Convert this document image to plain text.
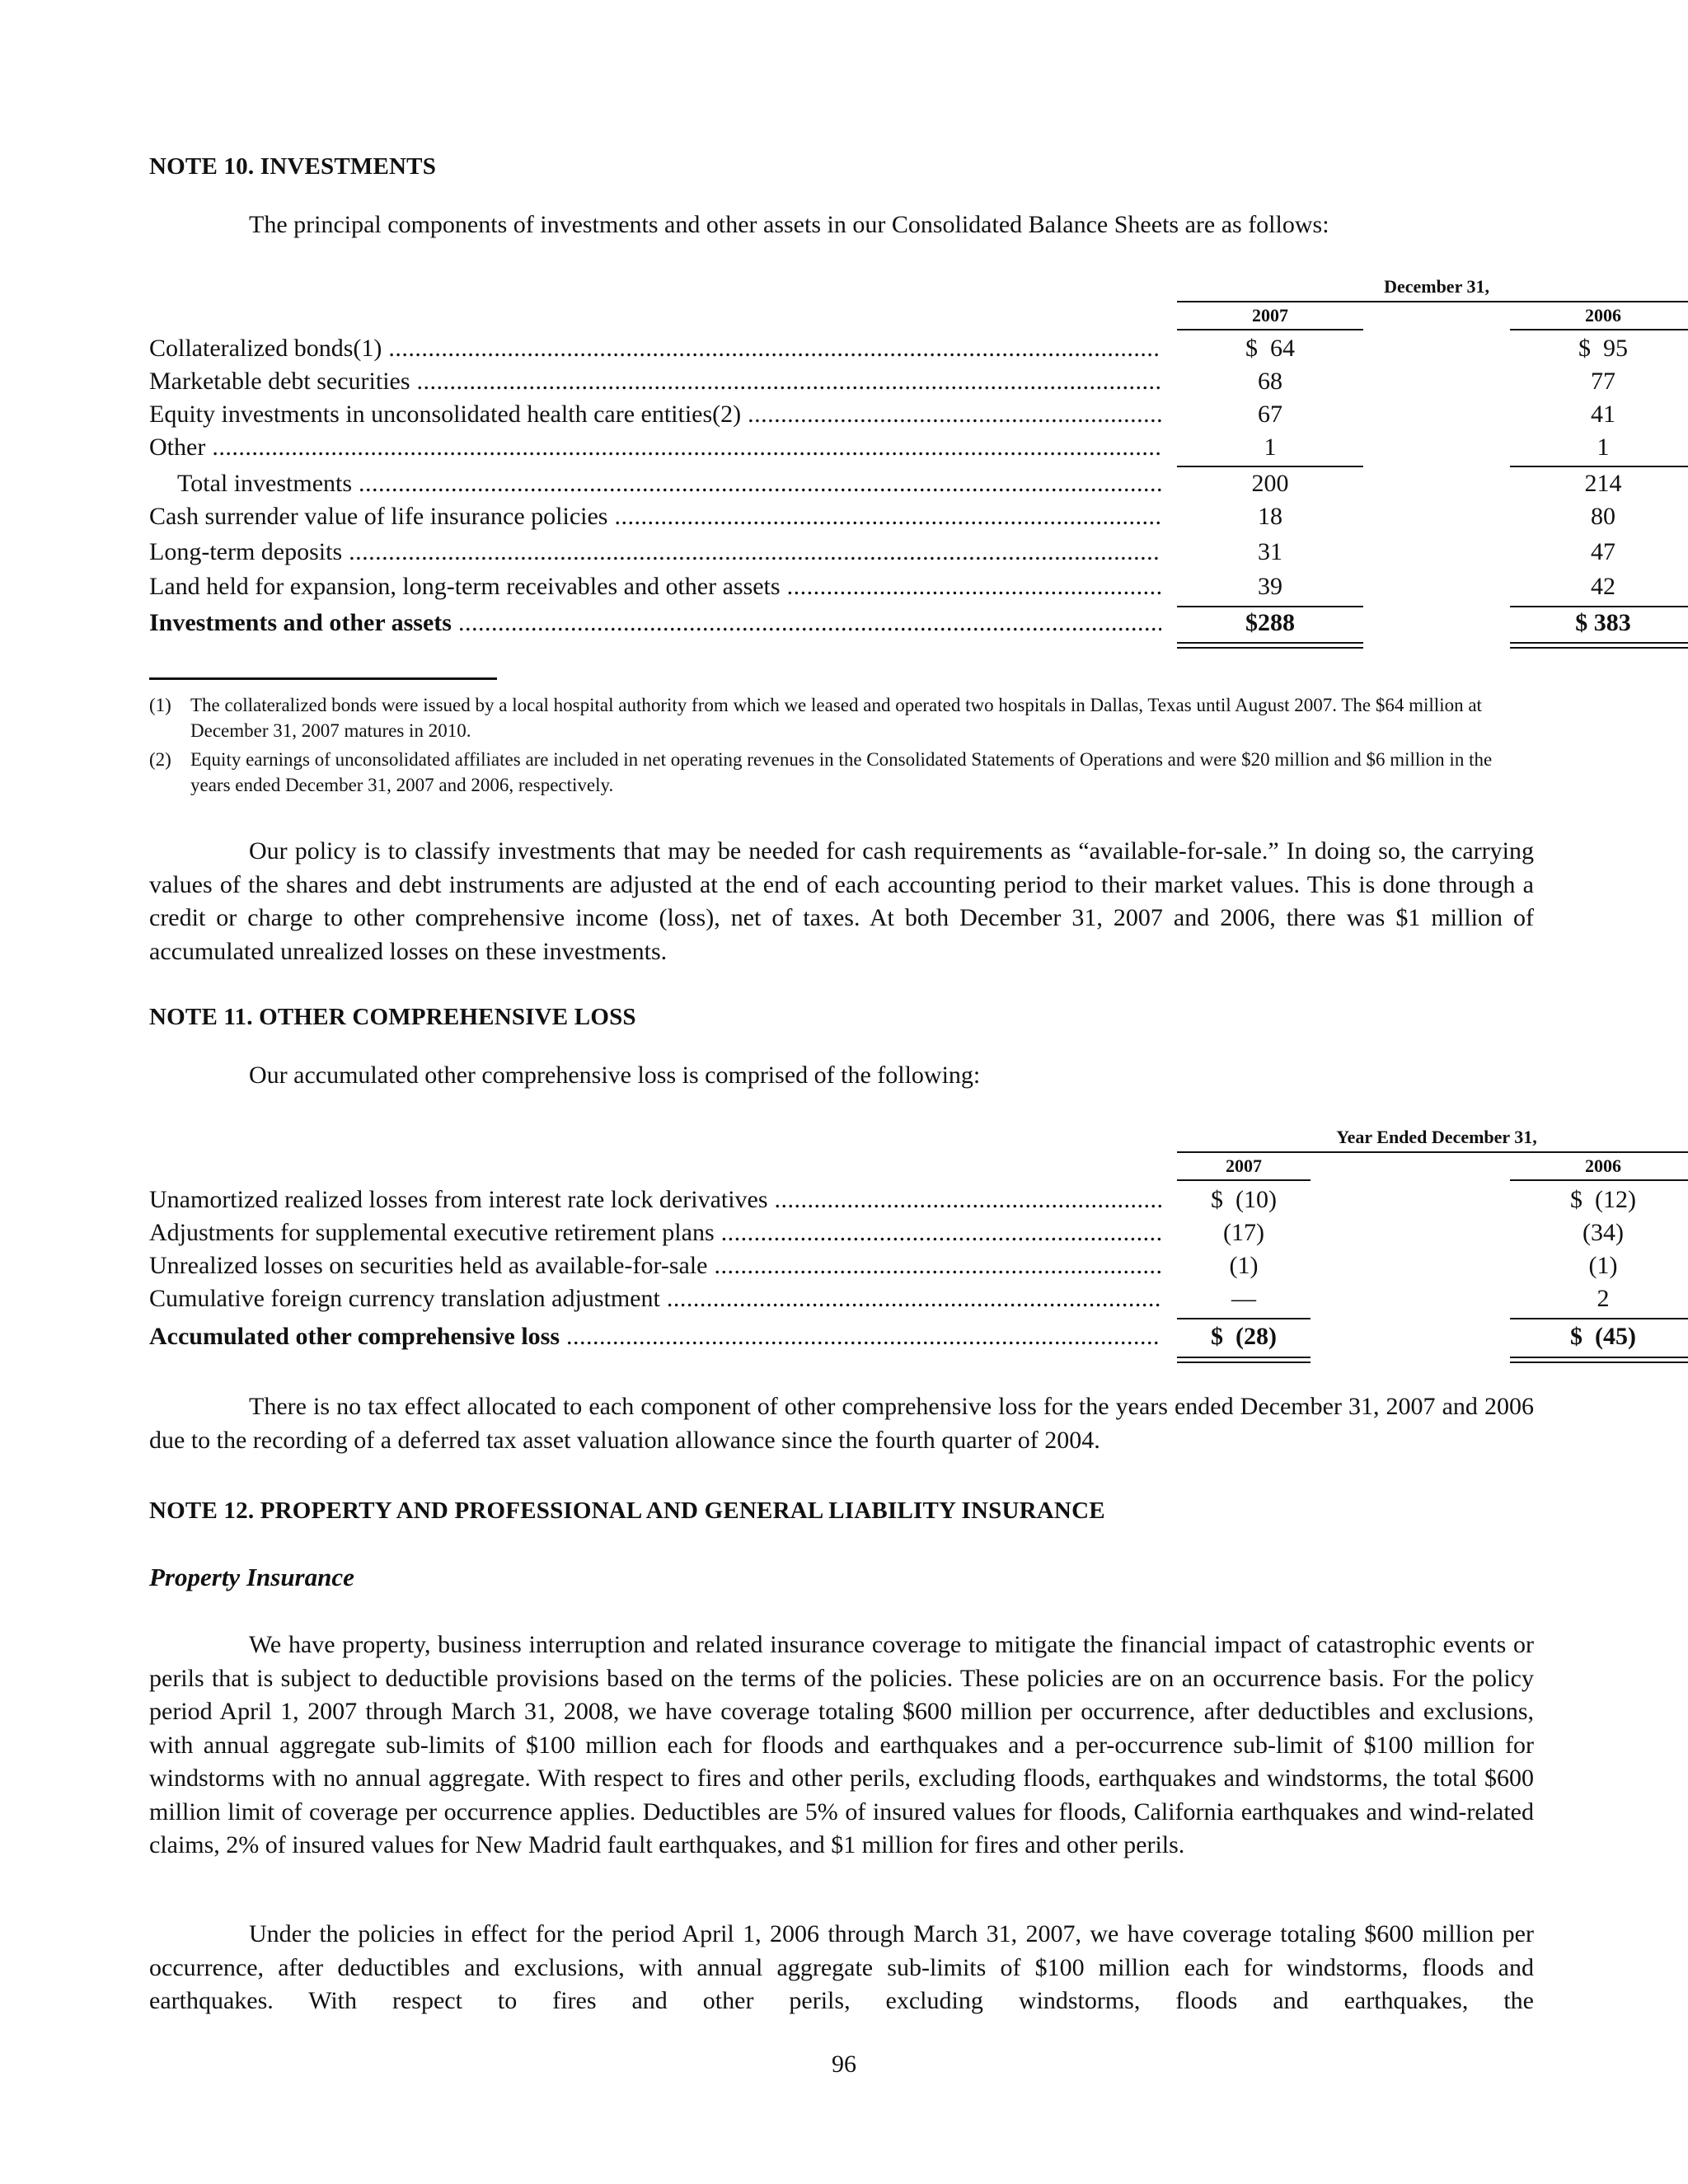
NOTE 10. INVESTMENTS
The principal components of investments and other assets in our Consolidated Balance Sheets are as follows:
December 31,
2007	2006
Collateralized bonds(1) .....	$  64	$  95
Marketable debt securities .....	68	77
Equity investments in unconsolidated health care entities(2) .....	67	41
Other .....	1	1
Total investments .....	200	214
Cash surrender value of life insurance policies .....	18	80
Long-term deposits .....	31	47
Land held for expansion, long-term receivables and other assets .....	39	42
Investments and other assets .....	$288	$ 383
(1) The collateralized bonds were issued by a local hospital authority from which we leased and operated two hospitals in Dallas, Texas until August 2007. The $64 million at December 31, 2007 matures in 2010.
(2) Equity earnings of unconsolidated affiliates are included in net operating revenues in the Consolidated Statements of Operations and were $20 million and $6 million in the years ended December 31, 2007 and 2006, respectively.
Our policy is to classify investments that may be needed for cash requirements as “available-for-sale.” In doing so, the carrying values of the shares and debt instruments are adjusted at the end of each accounting period to their market values. This is done through a credit or charge to other comprehensive income (loss), net of taxes. At both December 31, 2007 and 2006, there was $1 million of accumulated unrealized losses on these investments.
NOTE 11. OTHER COMPREHENSIVE LOSS
Our accumulated other comprehensive loss is comprised of the following:
Year Ended December 31,
2007	2006
Unamortized realized losses from interest rate lock derivatives .....	$  (10)	$  (12)
Adjustments for supplemental executive retirement plans .....	(17)	(34)
Unrealized losses on securities held as available-for-sale .....	(1)	(1)
Cumulative foreign currency translation adjustment .....	—	2
Accumulated other comprehensive loss .....	$  (28)	$  (45)
There is no tax effect allocated to each component of other comprehensive loss for the years ended December 31, 2007 and 2006 due to the recording of a deferred tax asset valuation allowance since the fourth quarter of 2004.
NOTE 12. PROPERTY AND PROFESSIONAL AND GENERAL LIABILITY INSURANCE
Property Insurance
We have property, business interruption and related insurance coverage to mitigate the financial impact of catastrophic events or perils that is subject to deductible provisions based on the terms of the policies. These policies are on an occurrence basis. For the policy period April 1, 2007 through March 31, 2008, we have coverage totaling $600 million per occurrence, after deductibles and exclusions, with annual aggregate sub-limits of $100 million each for floods and earthquakes and a per-occurrence sub-limit of $100 million for windstorms with no annual aggregate. With respect to fires and other perils, excluding floods, earthquakes and windstorms, the total $600 million limit of coverage per occurrence applies. Deductibles are 5% of insured values for floods, California earthquakes and wind-related claims, 2% of insured values for New Madrid fault earthquakes, and $1 million for fires and other perils.
Under the policies in effect for the period April 1, 2006 through March 31, 2007, we have coverage totaling $600 million per occurrence, after deductibles and exclusions, with annual aggregate sub-limits of $100 million each for windstorms, floods and earthquakes. With respect to fires and other perils, excluding windstorms, floods and earthquakes, the
96
